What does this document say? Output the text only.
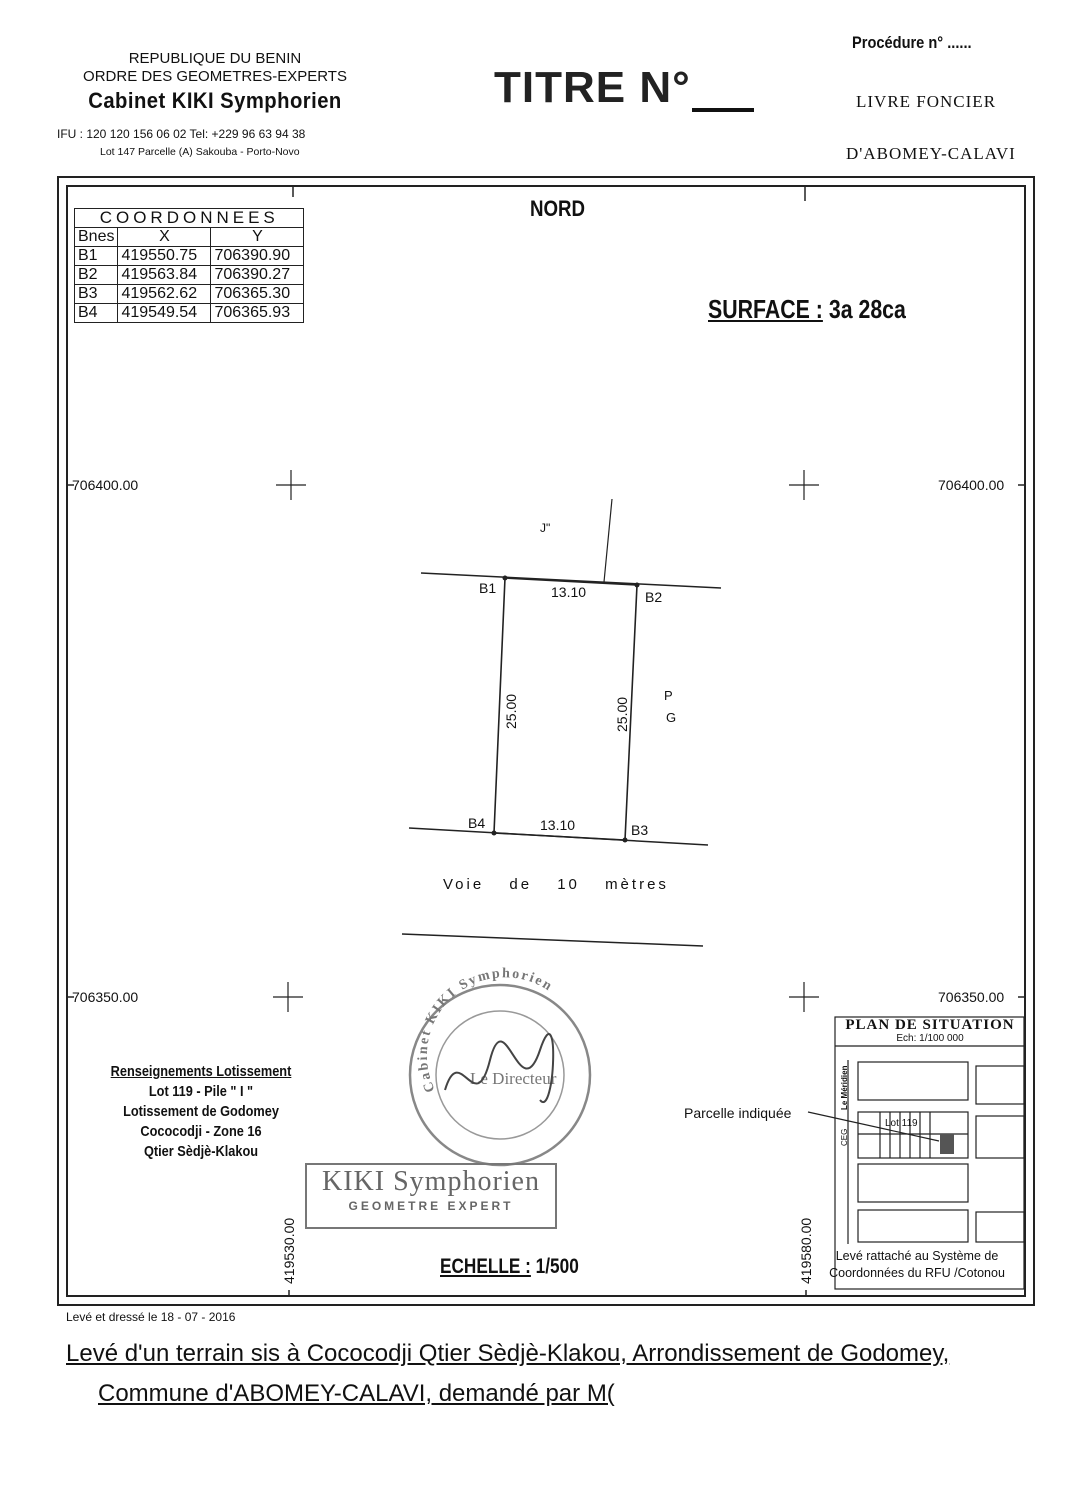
REPUBLIQUE DU BENIN
ORDRE DES GEOMETRES-EXPERTS
Cabinet KIKI Symphorien
IFU : 120 120 156 06 02 Tel: +229 96 63 94 38
Lot 147 Parcelle (A) Sakouba - Porto-Novo
TITRE N°
Procédure n° ......
LIVRE FONCIER
D'ABOMEY-CALAVI
COORDONNEES		
Bnes	X	Y
B1	419550.75	706390.90
B2	419563.84	706390.27
B3	419562.62	706365.30
B4	419549.54	706365.93
NORD
SURFACE : 3a 28ca
706400.00	706400.00
706350.00	706350.00
419530.00	419580.00
B1
B2
B3
B4
13.10
13.10
25.00	25.00
J"
P
G
Voie de 10 mètres
Renseignements Lotissement
Lot 119 - Pile " I "
Lotissement de Godomey
Cococodji - Zone 16
Qtier Sèdjè-Klakou
Cabinet KIKI Symphorien
Le Directeur
KIKI Symphorien
GEOMETRE EXPERT
ECHELLE : 1/500
PLAN DE SITUATION
Ech: 1/100 000
Lot 119
Le Méridien
CEG
Parcelle indiquée
Levé rattaché au Système de
Coordonnées du RFU /Cotonou
Levé et dressé le 18 - 07 - 2016
Levé d'un terrain sis à Cococodji Qtier Sèdjè-Klakou, Arrondissement de Godomey,
Commune d'ABOMEY-CALAVI, demandé par M(
